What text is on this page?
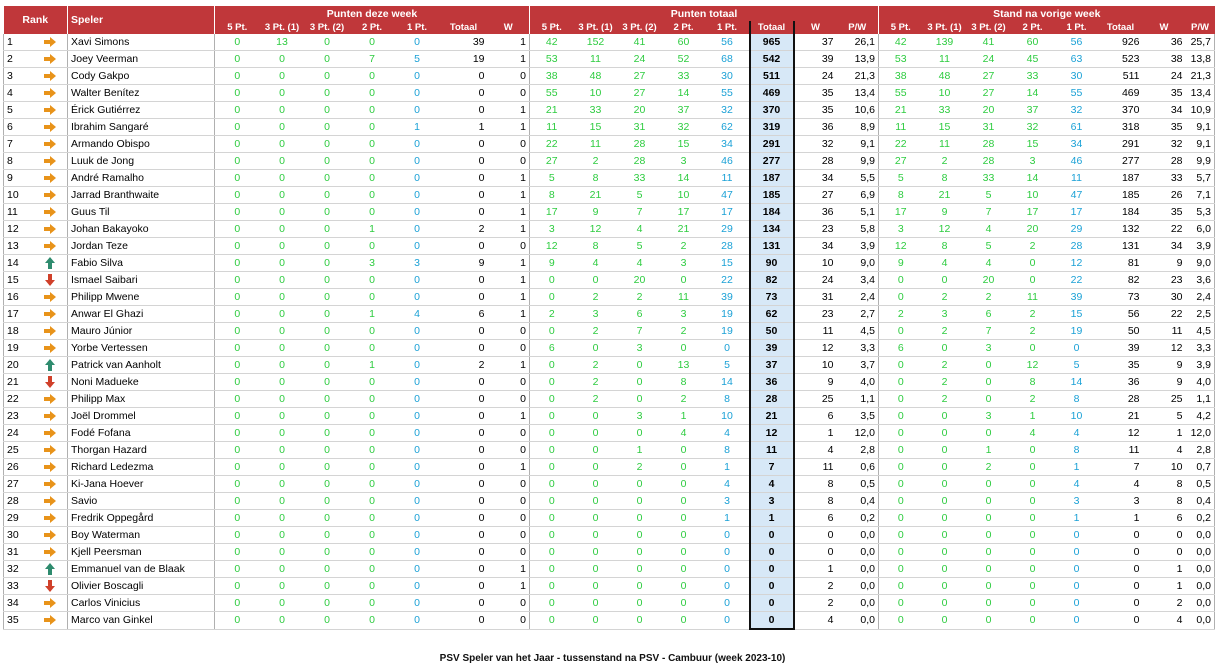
Rank		Speler	Punten deze week							Punten totaal								Stand na vorige week							
			5 Pt.	3 Pt. (1)	3 Pt. (2)	2 Pt.	1 Pt.	Totaal	W	5 Pt.	3 Pt. (1)	3 Pt. (2)	2 Pt.	1 Pt.	Totaal	W	P/W	5 Pt.	3 Pt. (1)	3 Pt. (2)	2 Pt.	1 Pt.	Totaal	W	P/W
1		Xavi Simons	0	13	0	0	0	39	1	42	152	41	60	56	965	37	26,1	42	139	41	60	56	926	36	25,7
2		Joey Veerman	0	0	0	7	5	19	1	53	11	24	52	68	542	39	13,9	53	11	24	45	63	523	38	13,8
3		Cody Gakpo	0	0	0	0	0	0	0	38	48	27	33	30	511	24	21,3	38	48	27	33	30	511	24	21,3
4		Walter Benítez	0	0	0	0	0	0	0	55	10	27	14	55	469	35	13,4	55	10	27	14	55	469	35	13,4
5		Érick Gutiérrez	0	0	0	0	0	0	1	21	33	20	37	32	370	35	10,6	21	33	20	37	32	370	34	10,9
6		Ibrahim Sangaré	0	0	0	0	1	1	1	11	15	31	32	62	319	36	8,9	11	15	31	32	61	318	35	9,1
7		Armando Obispo	0	0	0	0	0	0	0	22	11	28	15	34	291	32	9,1	22	11	28	15	34	291	32	9,1
8		Luuk de Jong	0	0	0	0	0	0	0	27	2	28	3	46	277	28	9,9	27	2	28	3	46	277	28	9,9
9		André Ramalho	0	0	0	0	0	0	1	5	8	33	14	11	187	34	5,5	5	8	33	14	11	187	33	5,7
10		Jarrad Branthwaite	0	0	0	0	0	0	1	8	21	5	10	47	185	27	6,9	8	21	5	10	47	185	26	7,1
11		Guus Til	0	0	0	0	0	0	1	17	9	7	17	17	184	36	5,1	17	9	7	17	17	184	35	5,3
12		Johan Bakayoko	0	0	0	1	0	2	1	3	12	4	21	29	134	23	5,8	3	12	4	20	29	132	22	6,0
13		Jordan Teze	0	0	0	0	0	0	0	12	8	5	2	28	131	34	3,9	12	8	5	2	28	131	34	3,9
14		Fabio Silva	0	0	0	3	3	9	1	9	4	4	3	15	90	10	9,0	9	4	4	0	12	81	9	9,0
15		Ismael Saibari	0	0	0	0	0	0	1	0	0	20	0	22	82	24	3,4	0	0	20	0	22	82	23	3,6
16		Philipp Mwene	0	0	0	0	0	0	1	0	2	2	11	39	73	31	2,4	0	2	2	11	39	73	30	2,4
17		Anwar El Ghazi	0	0	0	1	4	6	1	2	3	6	3	19	62	23	2,7	2	3	6	2	15	56	22	2,5
18		Mauro Júnior	0	0	0	0	0	0	0	0	2	7	2	19	50	11	4,5	0	2	7	2	19	50	11	4,5
19		Yorbe Vertessen	0	0	0	0	0	0	0	6	0	3	0	0	39	12	3,3	6	0	3	0	0	39	12	3,3
20		Patrick van Aanholt	0	0	0	1	0	2	1	0	2	0	13	5	37	10	3,7	0	2	0	12	5	35	9	3,9
21		Noni Madueke	0	0	0	0	0	0	0	0	2	0	8	14	36	9	4,0	0	2	0	8	14	36	9	4,0
22		Philipp Max	0	0	0	0	0	0	0	0	2	0	2	8	28	25	1,1	0	2	0	2	8	28	25	1,1
23		Joël Drommel	0	0	0	0	0	0	1	0	0	3	1	10	21	6	3,5	0	0	3	1	10	21	5	4,2
24		Fodé Fofana	0	0	0	0	0	0	0	0	0	0	4	4	12	1	12,0	0	0	0	4	4	12	1	12,0
25		Thorgan Hazard	0	0	0	0	0	0	0	0	0	1	0	8	11	4	2,8	0	0	1	0	8	11	4	2,8
26		Richard Ledezma	0	0	0	0	0	0	1	0	0	2	0	1	7	11	0,6	0	0	2	0	1	7	10	0,7
27		Ki-Jana Hoever	0	0	0	0	0	0	0	0	0	0	0	4	4	8	0,5	0	0	0	0	4	4	8	0,5
28		Savio	0	0	0	0	0	0	0	0	0	0	0	3	3	8	0,4	0	0	0	0	3	3	8	0,4
29		Fredrik Oppegård	0	0	0	0	0	0	0	0	0	0	0	1	1	6	0,2	0	0	0	0	1	1	6	0,2
30		Boy Waterman	0	0	0	0	0	0	0	0	0	0	0	0	0	0	0,0	0	0	0	0	0	0	0	0,0
31		Kjell Peersman	0	0	0	0	0	0	0	0	0	0	0	0	0	0	0,0	0	0	0	0	0	0	0	0,0
32		Emmanuel van de Blaak	0	0	0	0	0	0	1	0	0	0	0	0	0	1	0,0	0	0	0	0	0	0	1	0,0
33		Olivier Boscagli	0	0	0	0	0	0	1	0	0	0	0	0	0	2	0,0	0	0	0	0	0	0	1	0,0
34		Carlos Vinicius	0	0	0	0	0	0	0	0	0	0	0	0	0	2	0,0	0	0	0	0	0	0	2	0,0
35		Marco van Ginkel	0	0	0	0	0	0	0	0	0	0	0	0	0	4	0,0	0	0	0	0	0	0	4	0,0
PSV Speler van het Jaar - tussenstand na PSV - Cambuur (week 2023-10)
